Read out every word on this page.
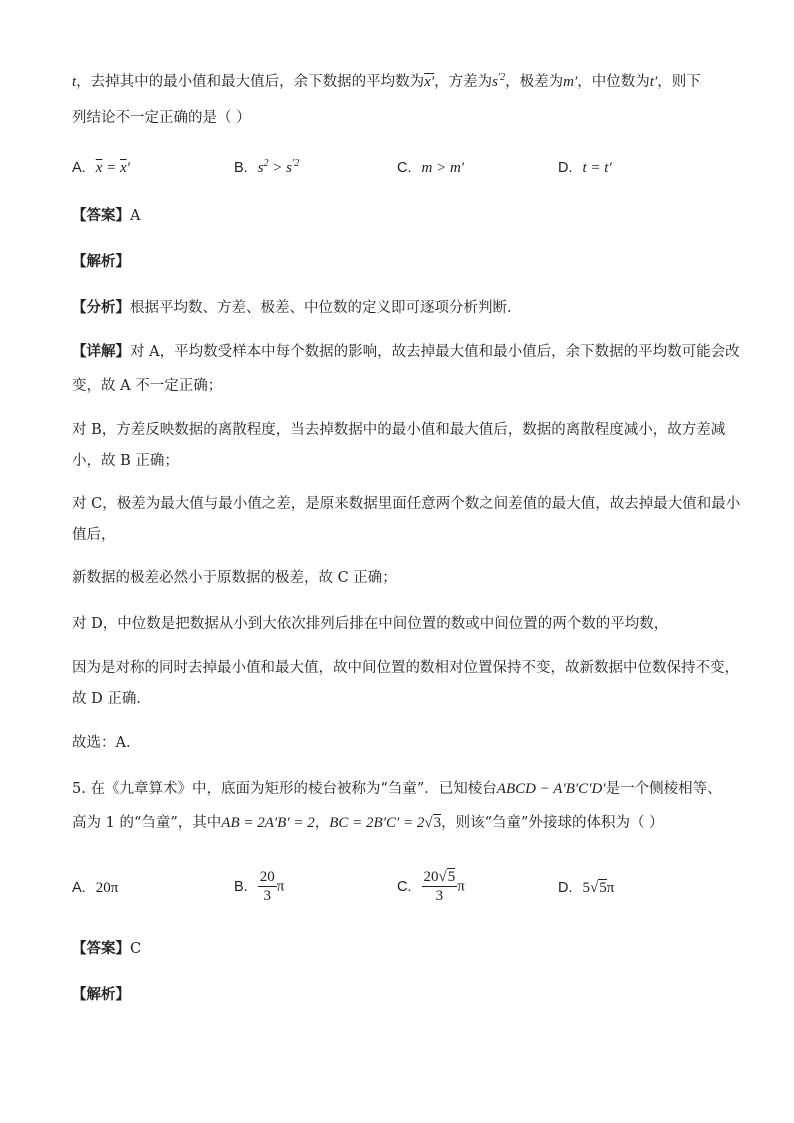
t，去掉其中的最小值和最大值后，余下数据的平均数为x′，方差为$s^{'2}$，极差为m′，中位数为t′，则下
列结论不一定正确的是（ ）
A. $\overline{x} = \overline{x}'$	B. $s^2 > s^{'2}$	C. m > m′	D. t = t′
【答案】A
【解析】
【分析】根据平均数、方差、极差、中位数的定义即可逐项分析判断．
【详解】对 A，平均数受样本中每个数据的影响，故去掉最大值和最小值后，余下数据的平均数可能会改
变，故 A 不一定正确；
对 B，方差反映数据的离散程度，当去掉数据中的最小值和最大值后，数据的离散程度减小，故方差减
小，故 B 正确；
对 C，极差为最大值与最小值之差，是原来数据里面任意两个数之间差值的最大值，故去掉最大值和最小
值后，
新数据的极差必然小于原数据的极差，故 C 正确；
对 D，中位数是把数据从小到大依次排列后排在中间位置的数或中间位置的两个数的平均数，
因为是对称的同时去掉最小值和最大值，故中间位置的数相对位置保持不变，故新数据中位数保持不变，
故 D 正确．
故选：A．
5. 在《九章算术》中，底面为矩形的棱台被称为“刍童”．已知棱台ABCD − A′B′C′D′是一个侧棱相等、
高为 1 的“刍童”，其中AB = 2A′B′ = 2，BC = 2B′C′ = 2√3，则该“刍童”外接球的体积为（ ）
A. 20π	B. $\frac{20}{3}$ π	C. $\frac{20√5}{3}$ π	D. 5√5π
【答案】C
【解析】
